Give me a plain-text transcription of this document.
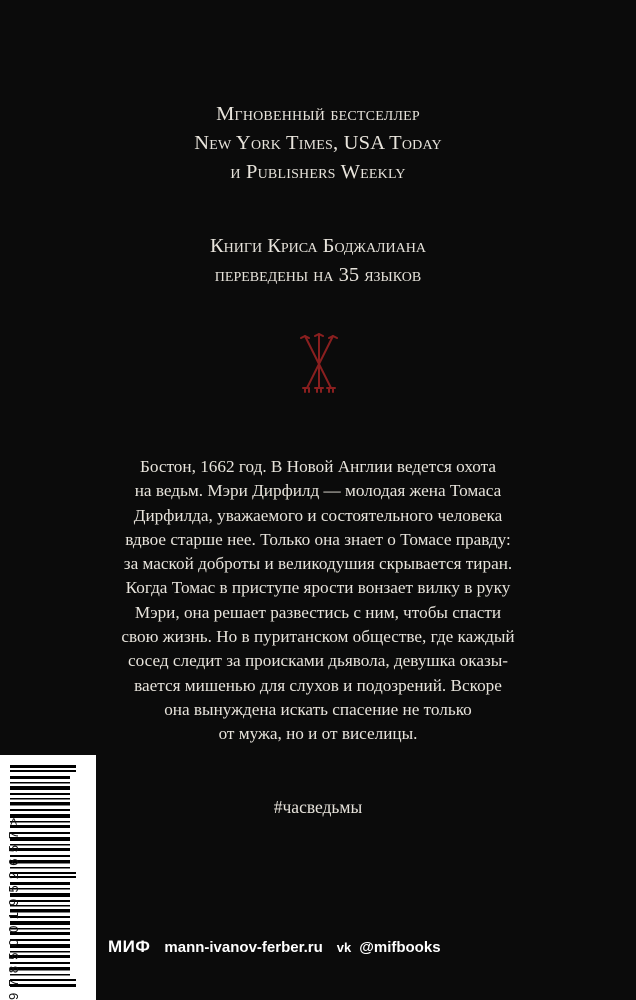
Мгновенный бестселлер
New York Times, USA Today
и Publishers Weekly
Книги Криса Боджалиана
переведены на 35 языков
Бостон, 1662 год. В Новой Англии ведется охота
на ведьм. Мэри Дирфилд — молодая жена Томаса
Дирфилда, уважаемого и состоятельного человека
вдвое старше нее. Только она знает о Томасе правду:
за маской доброты и великодушия скрывается тиран.
Когда Томас в приступе ярости вонзает вилку в руку
Мэри, она решает развестись с ним, чтобы спасти
свою жизнь. Но в пуританском обществе, где каждый
сосед следит за происками дьявола, девушка оказы-
вается мишенью для слухов и подозрений. Вскоре
она вынуждена искать спасение не только
от мужа, но и от виселицы.
#часведьмы
9785001952657>	МИФ mann-ivanov-ferber.ru vk @mifbooks
